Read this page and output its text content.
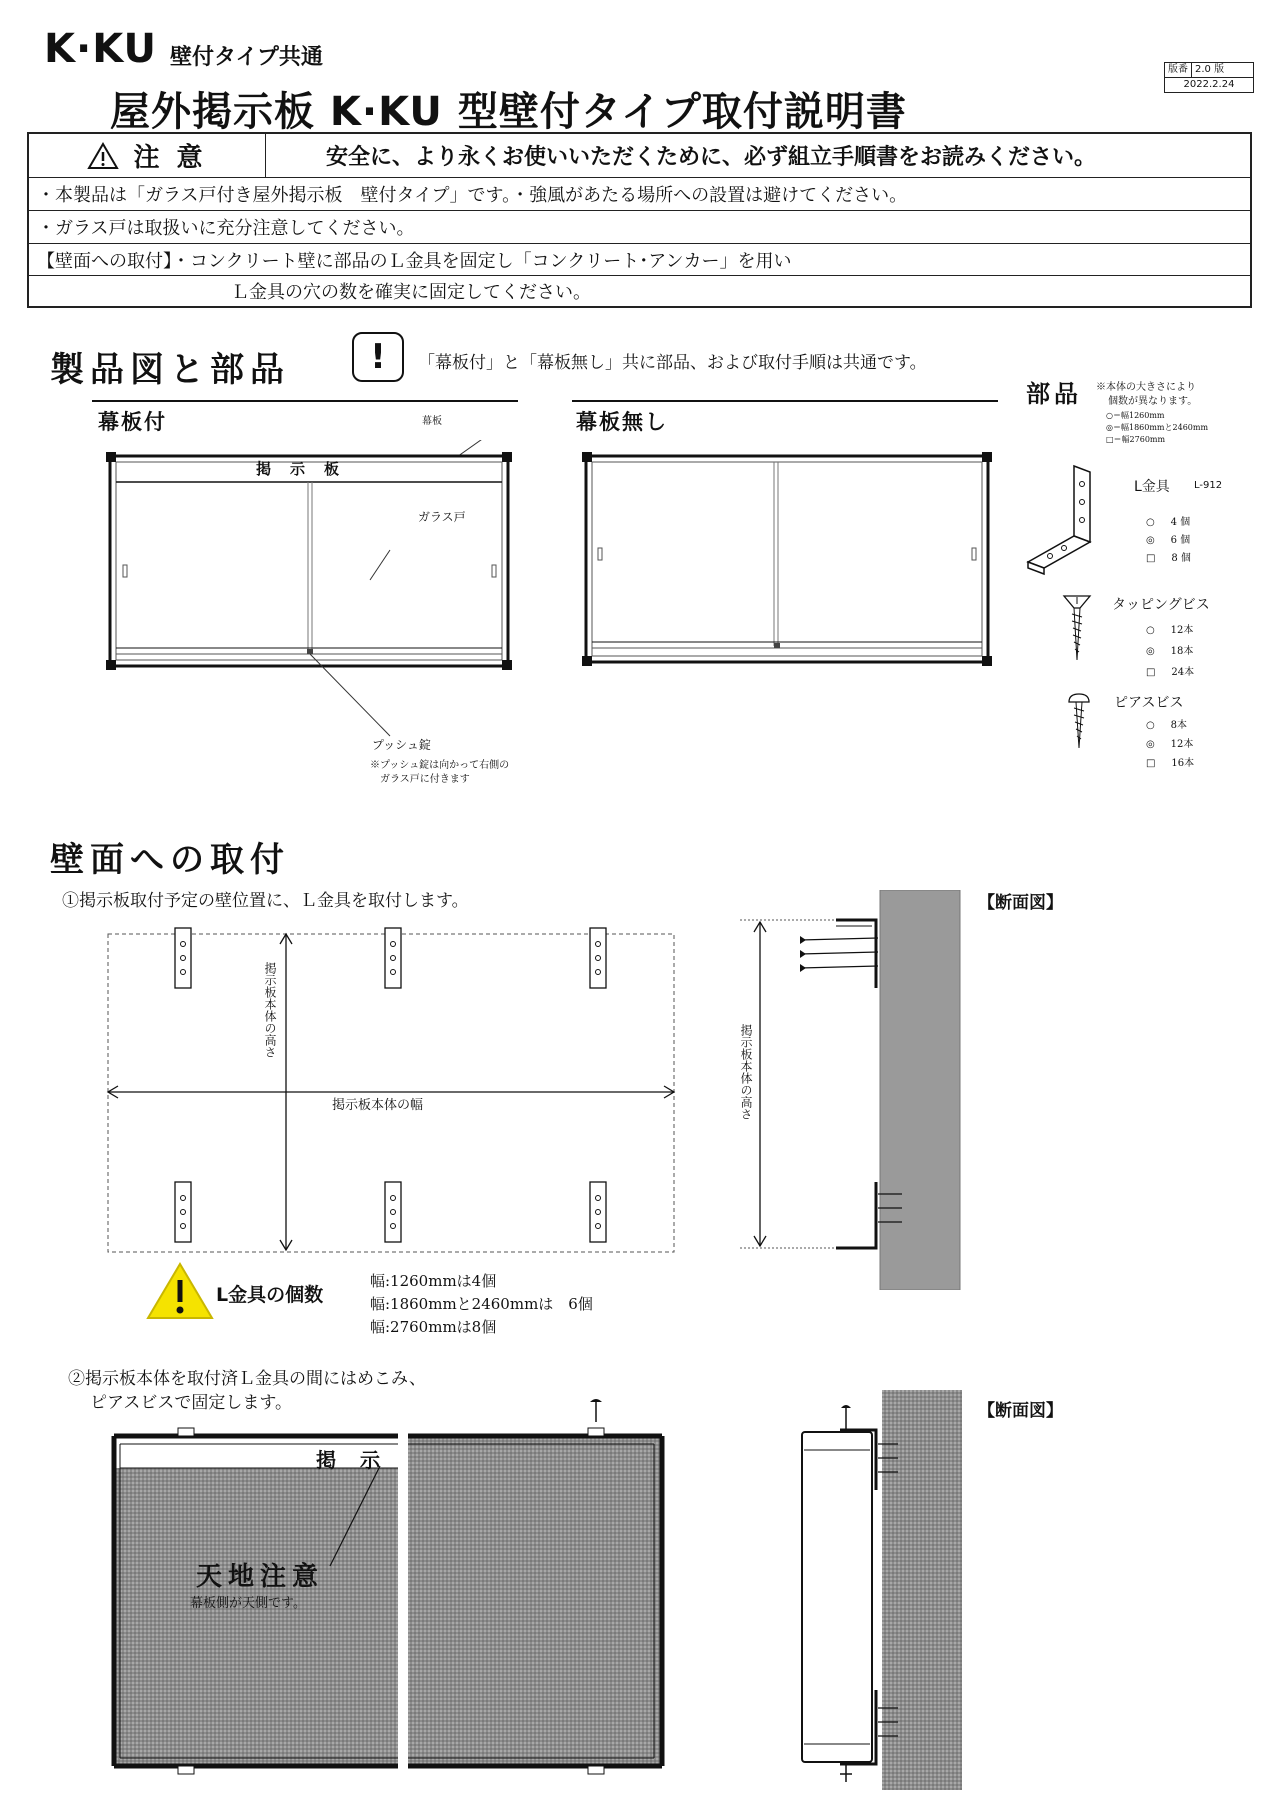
K·KU 壁付タイプ共通
屋外掲示板 K·KU 型壁付タイプ取付説明書
版番 2.0 版
2022.2.24
注 意	安全に、より永くお使いいただくために、必ず組立手順書をお読みください。
・本製品は「ガラス戸付き屋外掲示板　壁付タイプ」です。・強風があたる場所への設置は避けてください。
・ガラス戸は取扱いに充分注意してください。
【壁面への取付】・コンクリート壁に部品のＬ金具を固定し「コンクリート･アンカー」を用い
Ｌ金具の穴の数を確実に固定してください。
製品図と部品	!	「幕板付」と「幕板無し」共に部品、および取付手順は共通です。
幕板付	幕板
掲　示　板
ガラス戸
プッシュ錠
※プッシュ錠は向かって右側の
ガラス戸に付きます
幕板無し
部品 ※本体の大きさにより
個数が異なります。
○＝幅1260mm
◎＝幅1860mmと2460mm
□＝幅2760mm
L金具 L-912
○ 4 個
◎ 6 個
□ 8 個
タッピングビス
○ 12本
◎ 18本
□ 24本
ピアスビス
○ 8本
◎ 12本
□ 16本
壁面への取付
①掲示板取付予定の壁位置に、Ｌ金具を取付します。
掲示板本体の高さ
掲示板本体の幅	掲示板本体の高さ
【断面図】
L金具の個数
幅:1260mmは4個
幅:1860mmと2460mmは　6個
幅:2760mmは8個
②掲示板本体を取付済Ｌ金具の間にはめこみ、
ピアスビスで固定します。
掲　示
天地注意
幕板側が天側です。
【断面図】
